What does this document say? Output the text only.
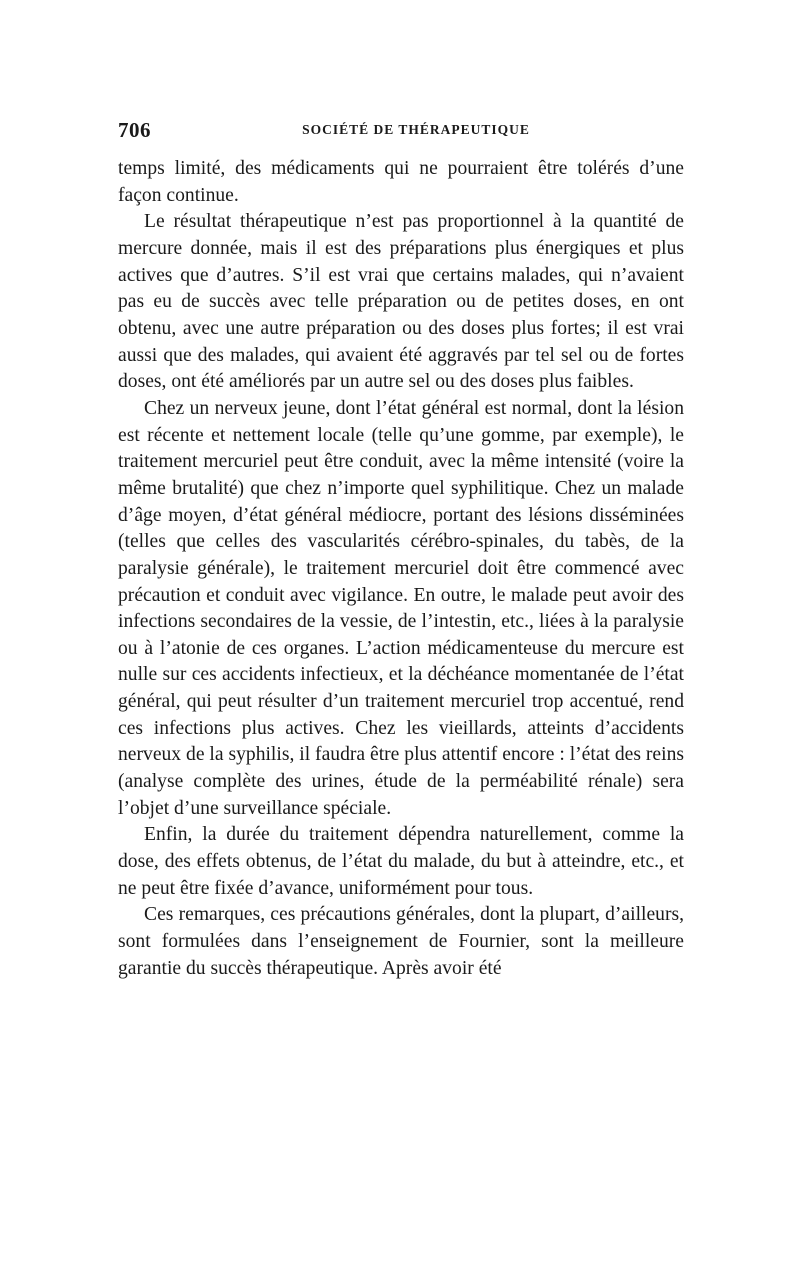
706	SOCIÉTÉ DE THÉRAPEUTIQUE

temps limité, des médicaments qui ne pourraient être tolérés d’une façon continue.

Le résultat thérapeutique n’est pas proportionnel à la quantité de mercure donnée, mais il est des préparations plus énergiques et plus actives que d’autres. S’il est vrai que certains malades, qui n’avaient pas eu de succès avec telle préparation ou de petites doses, en ont obtenu, avec une autre préparation ou des doses plus fortes; il est vrai aussi que des malades, qui avaient été aggravés par tel sel ou de fortes doses, ont été améliorés par un autre sel ou des doses plus faibles.

Chez un nerveux jeune, dont l’état général est normal, dont la lésion est récente et nettement locale (telle qu’une gomme, par exemple), le traitement mercuriel peut être conduit, avec la même intensité (voire la même brutalité) que chez n’importe quel syphilitique. Chez un malade d’âge moyen, d’état général médiocre, portant des lésions disséminées (telles que celles des vascularités cérébro-spinales, du tabès, de la paralysie générale), le traitement mercuriel doit être commencé avec précaution et conduit avec vigilance. En outre, le malade peut avoir des infections secondaires de la vessie, de l’intestin, etc., liées à la paralysie ou à l’atonie de ces organes. L’action médicamenteuse du mercure est nulle sur ces accidents infectieux, et la déchéance momentanée de l’état général, qui peut résulter d’un traitement mercuriel trop accentué, rend ces infections plus actives. Chez les vieillards, atteints d’accidents nerveux de la syphilis, il faudra être plus attentif encore : l’état des reins (analyse complète des urines, étude de la perméabilité rénale) sera l’objet d’une surveillance spéciale.

Enfin, la durée du traitement dépendra naturellement, comme la dose, des effets obtenus, de l’état du malade, du but à atteindre, etc., et ne peut être fixée d’avance, uniformément pour tous.

Ces remarques, ces précautions générales, dont la plupart, d’ailleurs, sont formulées dans l’enseignement de Fournier, sont la meilleure garantie du succès thérapeutique. Après avoir été
